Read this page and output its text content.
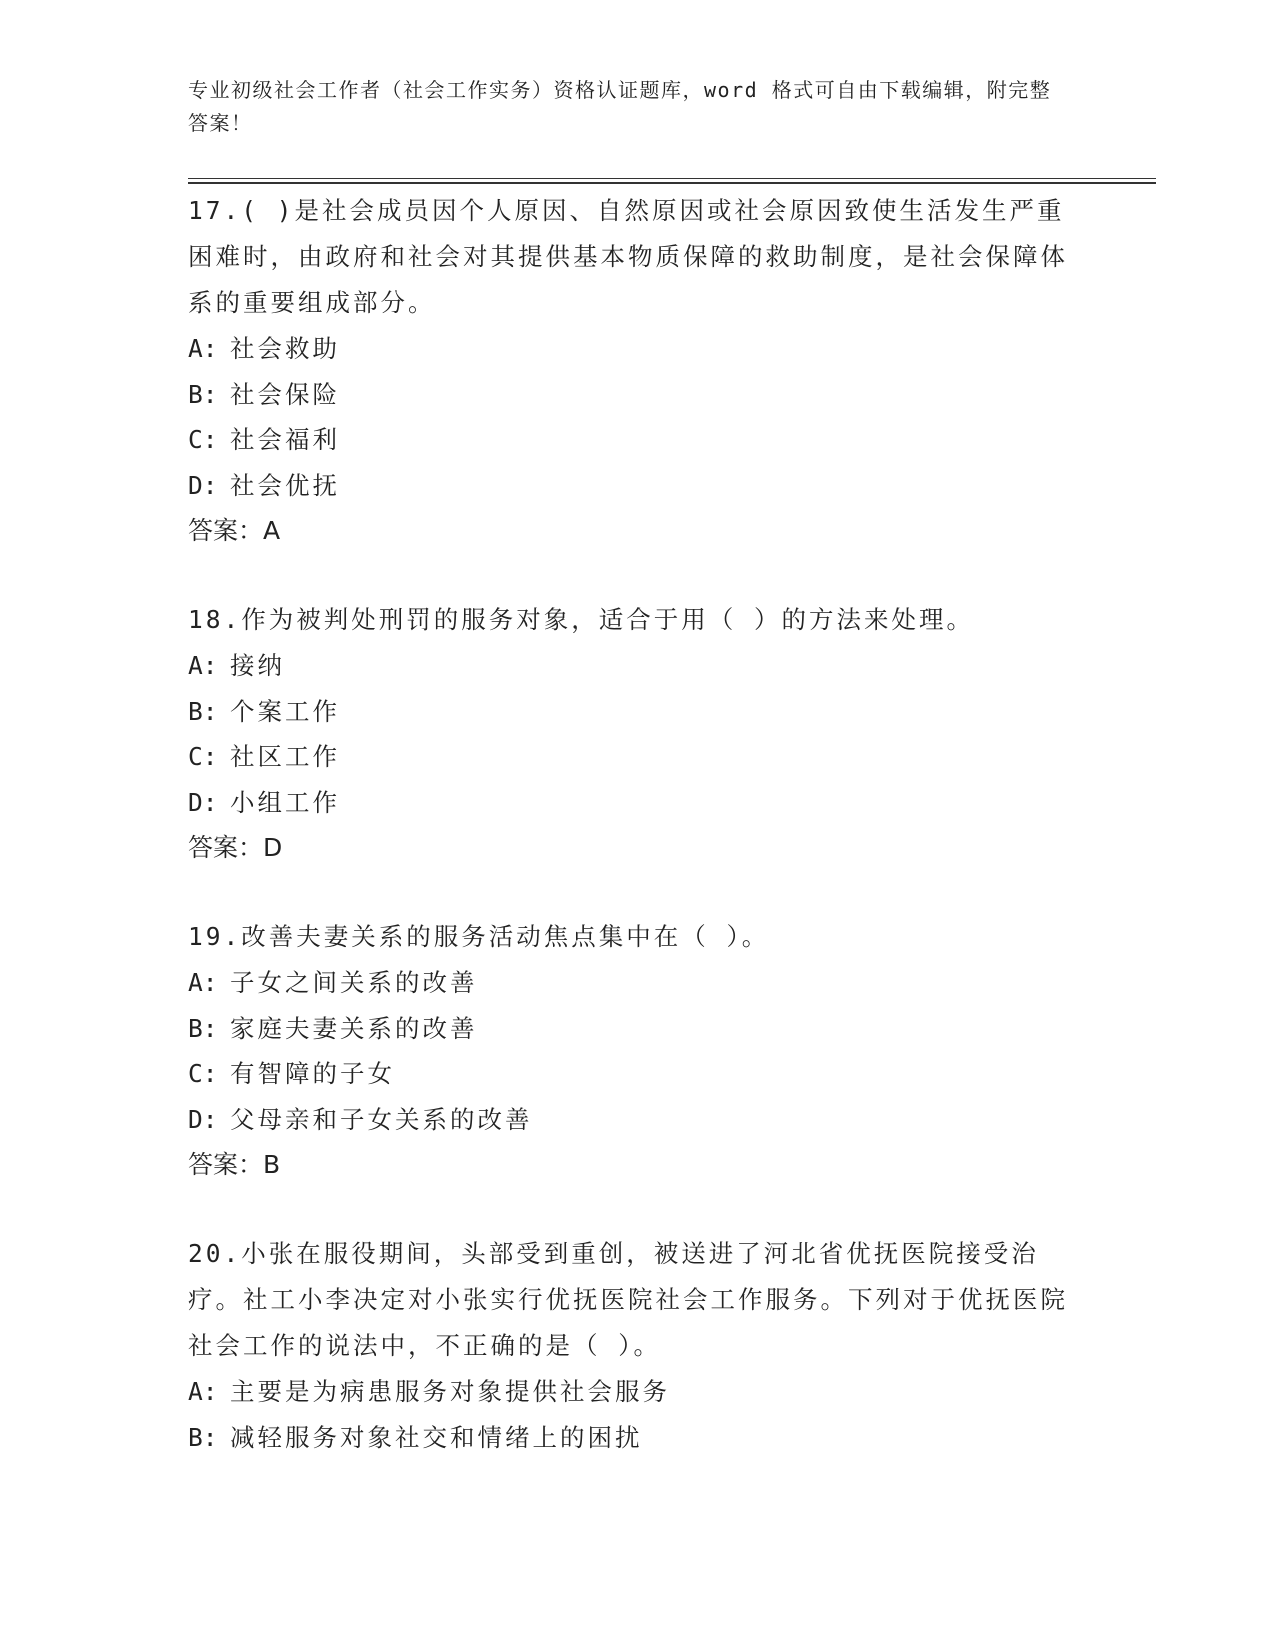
专业初级社会工作者（社会工作实务）资格认证题库，word 格式可自由下载编辑，附完整答案！

17.( )是社会成员因个人原因、自然原因或社会原因致使生活发生严重困难时，由政府和社会对其提供基本物质保障的救助制度，是社会保障体系的重要组成部分。

A: 社会救助

B: 社会保险

C: 社会福利

D: 社会优抚

答案：A

18.作为被判处刑罚的服务对象，适合于用（ ）的方法来处理。

A: 接纳

B: 个案工作

C: 社区工作

D: 小组工作

答案：D

19.改善夫妻关系的服务活动焦点集中在（ ）。

A: 子女之间关系的改善

B: 家庭夫妻关系的改善

C: 有智障的子女

D: 父母亲和子女关系的改善

答案：B

20.小张在服役期间，头部受到重创，被送进了河北省优抚医院接受治疗。社工小李决定对小张实行优抚医院社会工作服务。下列对于优抚医院社会工作的说法中，不正确的是（ ）。

A: 主要是为病患服务对象提供社会服务

B: 减轻服务对象社交和情绪上的困扰
